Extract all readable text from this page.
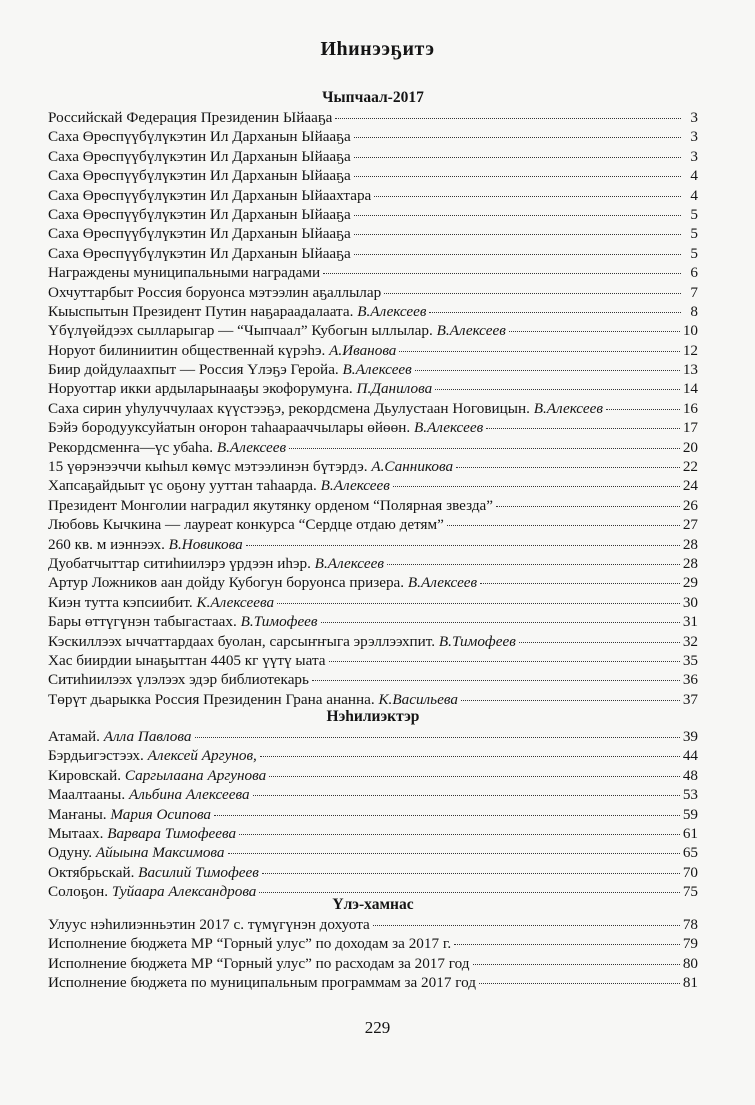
Иһинээҕитэ
Чыпчаал-2017
Российскай Федерация Президенин Ыйааҕа	3
Саха Өрөспүүбүлүкэтин Ил Дарханын Ыйааҕа	3
Саха Өрөспүүбүлүкэтин Ил Дарханын Ыйааҕа	3
Саха Өрөспүүбүлүкэтин Ил Дарханын Ыйааҕа	4
Саха Өрөспүүбүлүкэтин Ил Дарханын Ыйаахтара	4
Саха Өрөспүүбүлүкэтин Ил Дарханын Ыйааҕа	5
Саха Өрөспүүбүлүкэтин Ил Дарханын Ыйааҕа	5
Саха Өрөспүүбүлүкэтин Ил Дарханын Ыйааҕа	5
Награждены муниципальными наградами	6
Охчуттарбыт Россия боруонса мэтээлин аҕаллылар	7
Кыыспытын Президент Путин наҕараадалаата. В.Алексеев	8
Үбүлүөйдээх сылларыгар — “Чыпчаал” Кубогын ыллылар. В.Алексеев	10
Норуот билиниитин общественнай күрэһэ. А.Иванова	12
Биир дойдулаахпыт — Россия Үлэҕэ Геройа. В.Алексеев	13
Норуоттар икки ардыларынааҕы экофорумуҥа. П.Данилова	14
Саха сирин уһулуччулаах күүстээҕэ, рекордсмена Дьулустаан Ноговицын. В.Алексеев	16
Бэйэ бородууксуйатын оҥорон таһаарааччылары өйөөн. В.Алексеев	17
Рекордсменҥа—үс убаһа. В.Алексеев	20
15 үөрэнээччи кыһыл көмүс мэтээлинэн бүтэрдэ. А.Санникова	22
Хапсаҕайдыыт үс оҕону ууттан таһаарда. В.Алексеев	24
Президент Монголии наградил якутянку орденом “Полярная звезда”	26
Любовь Кычкина — лауреат конкурса “Сердце отдаю детям”	27
260 кв. м иэннээх. В.Новикова	28
Дуобатчыттар ситиһиилэрэ үрдээн иһэр. В.Алексеев	28
Артур Ложников аан дойду Кубогун боруонса призера. В.Алексеев	29
Киэн тутта кэпсиибит. К.Алексеева	30
Бары өттүгүнэн табыгастаах. В.Тимофеев	31
Кэскиллээх ыччаттардаах буолан, сарсыҥҥыга эрэллээхпит. В.Тимофеев	32
Хас биирдии ынаҕыттан 4405 кг үүтү ыата	35
Ситиһиилээх үлэлээх эдэр библиотекарь	36
Төрүт дьарыкка Россия Президенин Грана ананна. К.Васильева	37
Нэһилиэктэр
Атамай. Алла Павлова	39
Бэрдьигэстээх. Алексей Аргунов,	44
Кировскай. Саргылаана Аргунова	48
Маалтааны. Альбина Алексеева	53
Маҥаны. Мария Осипова	59
Мытаах. Варвара Тимофеева	61
Одуну. Айыына Максимова	65
Октябрьскай. Василий Тимофеев	70
Солоҕон. Туйаара Александрова	75
Үлэ-хамнас
Улуус нэһилиэнньэтин 2017 с. түмүгүнэн дохуота	78
Исполнение бюджета МР “Горный улус” по доходам за 2017 г.	79
Исполнение бюджета МР “Горный улус” по расходам за 2017 год	80
Исполнение бюджета по муниципальным программам за 2017 год	81
229
